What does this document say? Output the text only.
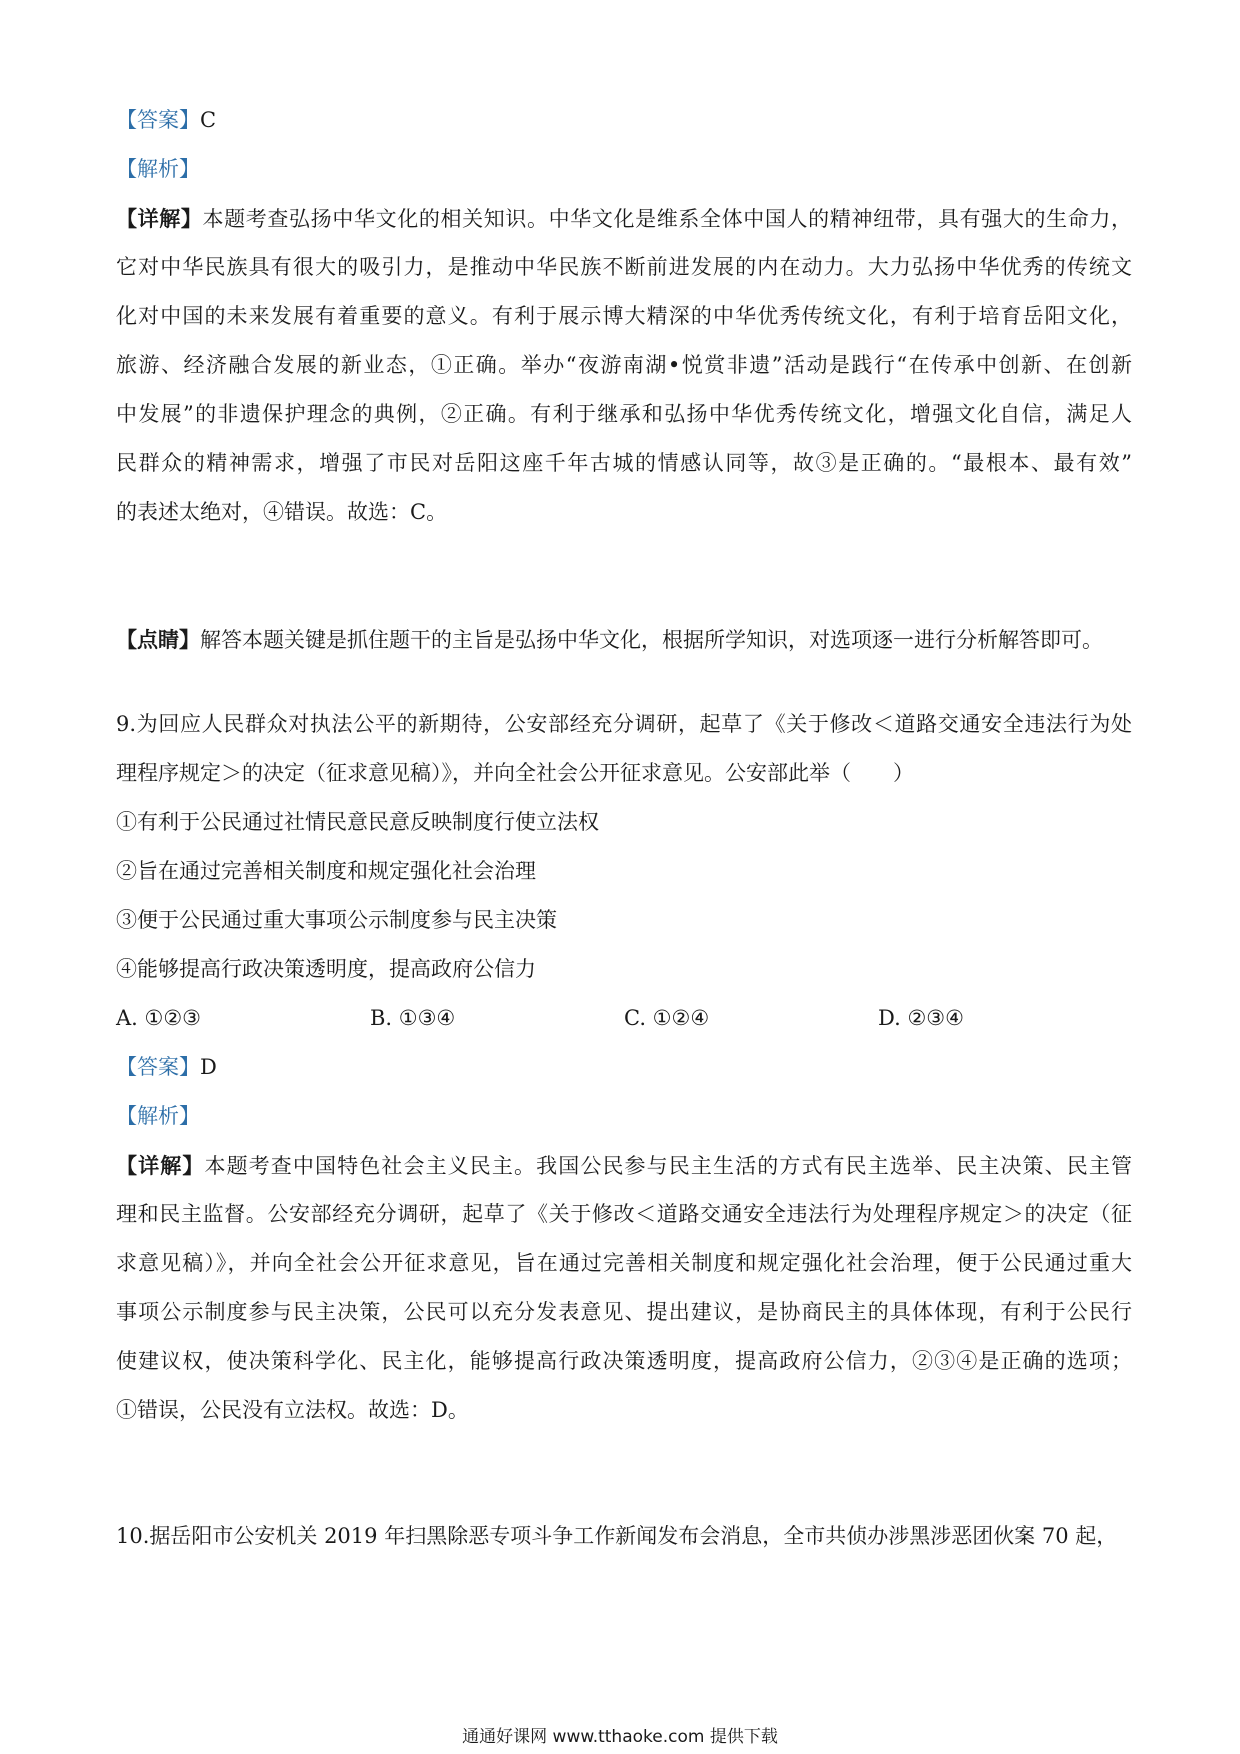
【答案】C
【解析】
【详解】本题考查弘扬中华文化的相关知识。中华文化是维系全体中国人的精神纽带，具有强大的生命力，
它对中华民族具有很大的吸引力，是推动中华民族不断前进发展的内在动力。大力弘扬中华优秀的传统文
化对中国的未来发展有着重要的意义。有利于展示博大精深的中华优秀传统文化，有利于培育岳阳文化，
旅游、经济融合发展的新业态，①正确。举办“夜游南湖•悦赏非遗”活动是践行“在传承中创新、在创新
中发展”的非遗保护理念的典例，②正确。有利于继承和弘扬中华优秀传统文化，增强文化自信，满足人
民群众的精神需求，增强了市民对岳阳这座千年古城的情感认同等，故③是正确的。“最根本、最有效”
的表述太绝对，④错误。故选：C。
【点睛】解答本题关键是抓住题干的主旨是弘扬中华文化，根据所学知识，对选项逐一进行分析解答即可。
9.为回应人民群众对执法公平的新期待，公安部经充分调研，起草了《关于修改＜道路交通安全违法行为处
理程序规定＞的决定（征求意见稿）》，并向全社会公开征求意见。公安部此举（　　）
①有利于公民通过社情民意民意反映制度行使立法权
②旨在通过完善相关制度和规定强化社会治理
③便于公民通过重大事项公示制度参与民主决策
④能够提高行政决策透明度，提高政府公信力
A. ①②③	B. ①③④	C. ①②④	D. ②③④
【答案】D
【解析】
【详解】本题考查中国特色社会主义民主。我国公民参与民主生活的方式有民主选举、民主决策、民主管
理和民主监督。公安部经充分调研，起草了《关于修改＜道路交通安全违法行为处理程序规定＞的决定（征
求意见稿）》，并向全社会公开征求意见，旨在通过完善相关制度和规定强化社会治理，便于公民通过重大
事项公示制度参与民主决策，公民可以充分发表意见、提出建议，是协商民主的具体体现，有利于公民行
使建议权，使决策科学化、民主化，能够提高行政决策透明度，提高政府公信力，②③④是正确的选项；
①错误，公民没有立法权。故选：D。
10.据岳阳市公安机关 2019 年扫黑除恶专项斗争工作新闻发布会消息，全市共侦办涉黑涉恶团伙案 70 起，
通通好课网 www.tthaoke.com 提供下载
